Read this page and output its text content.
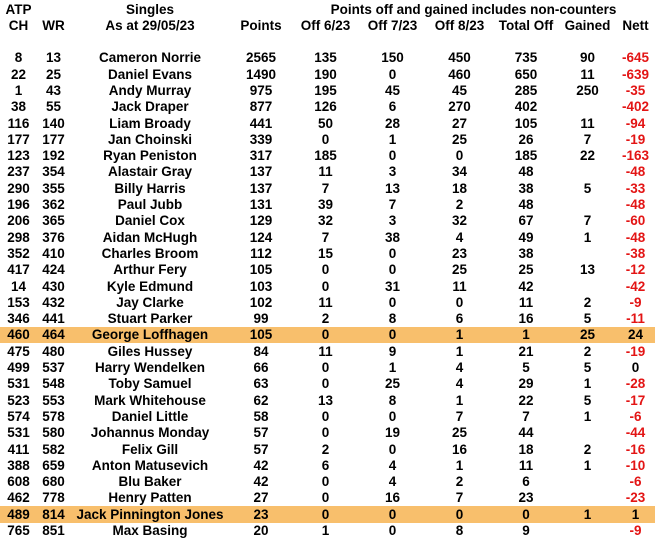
ATP		Singles		Points off and gained includes non-counters					
CH	WR	As at 29/05/23	Points	Off 6/23	Off 7/23	Off 8/23	Total Off	Gained	Nett

8	13	Cameron Norrie	2565	135	150	450	735	90	-645
22	25	Daniel Evans	1490	190	0	460	650	11	-639
1	43	Andy Murray	975	195	45	45	285	250	-35
38	55	Jack Draper	877	126	6	270	402		-402
116	140	Liam Broady	441	50	28	27	105	11	-94
177	177	Jan Choinski	339	0	1	25	26	7	-19
123	192	Ryan Peniston	317	185	0	0	185	22	-163
237	354	Alastair Gray	137	11	3	34	48		-48
290	355	Billy Harris	137	7	13	18	38	5	-33
196	362	Paul Jubb	131	39	7	2	48		-48
206	365	Daniel Cox	129	32	3	32	67	7	-60
298	376	Aidan McHugh	124	7	38	4	49	1	-48
352	410	Charles Broom	112	15	0	23	38		-38
417	424	Arthur Fery	105	0	0	25	25	13	-12
14	430	Kyle Edmund	103	0	31	11	42		-42
153	432	Jay Clarke	102	11	0	0	11	2	-9
346	441	Stuart Parker	99	2	8	6	16	5	-11
460	464	George Loffhagen	105	0	0	1	1	25	24
475	480	Giles Hussey	84	11	9	1	21	2	-19
499	537	Harry Wendelken	66	0	1	4	5	5	0
531	548	Toby Samuel	63	0	25	4	29	1	-28
523	553	Mark Whitehouse	62	13	8	1	22	5	-17
574	578	Daniel Little	58	0	0	7	7	1	-6
531	580	Johannus Monday	57	0	19	25	44		-44
411	582	Felix Gill	57	2	0	16	18	2	-16
388	659	Anton Matusevich	42	6	4	1	11	1	-10
608	680	Blu Baker	42	0	4	2	6		-6
462	778	Henry Patten	27	0	16	7	23		-23
489	814	Jack Pinnington Jones	23	0	0	0	0	1	1
765	851	Max Basing	20	1	0	8	9		-9
